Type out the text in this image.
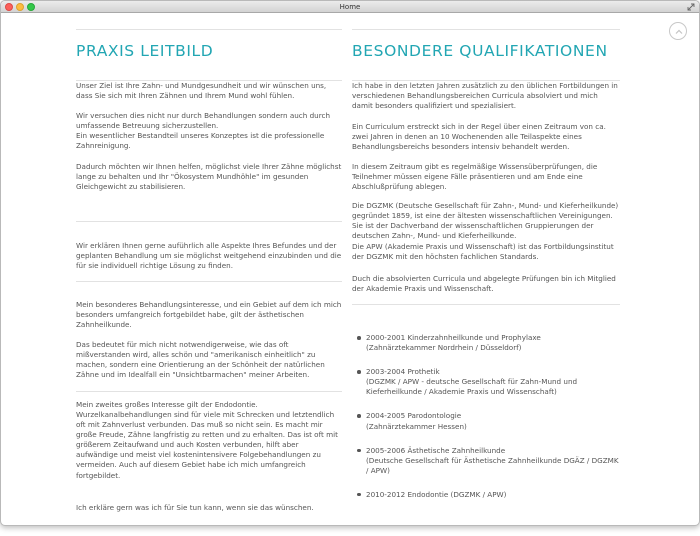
Home
PRAXIS LEITBILD

Unser Ziel ist Ihre Zahn- und Mundgesundheit und wir wünschen uns, dass Sie sich mit Ihren Zähnen und Ihrem Mund wohl fühlen.

Wir versuchen dies nicht nur durch Behandlungen sondern auch durch umfassende Betreuung sicherzustellen.

Ein wesentlicher Bestandteil unseres Konzeptes ist die professionelle Zahnreinigung.

Dadurch möchten wir Ihnen helfen, möglichst viele Ihrer Zähne möglichst lange zu behalten und Ihr "Ökosystem Mundhöhle" im gesunden Gleichgewicht zu stabilisieren.

Wir erklären Ihnen gerne auführlich alle Aspekte Ihres Befundes und der geplanten Behandlung um sie möglichst weitgehend einzubinden und die für sie individuell richtige Lösung zu finden.

Mein besonderes Behandlungsinteresse, und ein Gebiet auf dem ich mich besonders umfangreich fortgebildet habe, gilt der ästhetischen Zahnheilkunde.

Das bedeutet für mich nicht notwendigerweise, wie das oft mißverstanden wird, alles schön und "amerikanisch einheitlich" zu machen, sondern eine Orientierung an der Schönheit der natürlichen Zähne und im Idealfall ein "Unsichtbarmachen" meiner Arbeiten.

Mein zweites großes Interesse gilt der Endodontie.

Wurzelkanalbehandlungen sind für viele mit Schrecken und letztendlich oft mit Zahnverlust verbunden. Das muß so nicht sein. Es macht mir große Freude, Zähne langfristig zu retten und zu erhalten. Das ist oft mit größerem Zeitaufwand und auch Kosten verbunden, hilft aber aufwändige und meist viel kostenintensivere Folgebehandlungen zu vermeiden. Auch auf diesem Gebiet habe ich mich umfangreich fortgebildet.

Ich erkläre gern was ich für Sie tun kann, wenn sie das wünschen.

BESONDERE QUALIFIKATIONEN

Ich habe in den letzten Jahren zusätzlich zu den üblichen Fortbildungen in verschiedenen Behandlungsbereichen Curricula absolviert und mich damit besonders qualifiziert und spezialisiert.

Ein Curriculum erstreckt sich in der Regel über einen Zeitraum von ca. zwei Jahren in denen an 10 Wochenenden alle Teilaspekte eines Behandlungsbereichs besonders intensiv behandelt werden.

In diesem Zeitraum gibt es regelmäßige Wissensüberprüfungen, die Teilnehmer müssen eigene Fälle präsentieren und am Ende eine Abschlußprüfung ablegen.

Die DGZMK (Deutsche Gesellschaft für Zahn-, Mund- und Kieferheilkunde) gegründet 1859, ist eine der ältesten wissenschaftlichen Vereinigungen. Sie ist der Dachverband der wissenschaftlichen Gruppierungen der deutschen Zahn-, Mund- und Kieferheilkunde.

Die APW (Akademie Praxis und Wissenschaft) ist das Fortbildungsinstitut der DGZMK mit den höchsten fachlichen Standards.

Duch die absolvierten Curricula und abgelegte Prüfungen bin ich Mitglied der Akademie Praxis und Wissenschaft.

2000-2001 Kinderzahnheilkunde und Prophylaxe
(Zahnärztekammer Nordrhein / Düsseldorf)
2003-2004 Prothetik
(DGZMK / APW - deutsche Gesellschaft für Zahn-Mund und Kieferheilkunde / Akademie Praxis und Wissenschaft)
2004-2005 Parodontologie
(Zahnärztekammer Hessen)
2005-2006 Ästhetische Zahnheilkunde
(Deutsche Gesellschaft für Ästhetische Zahnheilkunde DGÄZ / DGZMK / APW)
2010-2012 Endodontie (DGZMK / APW)
